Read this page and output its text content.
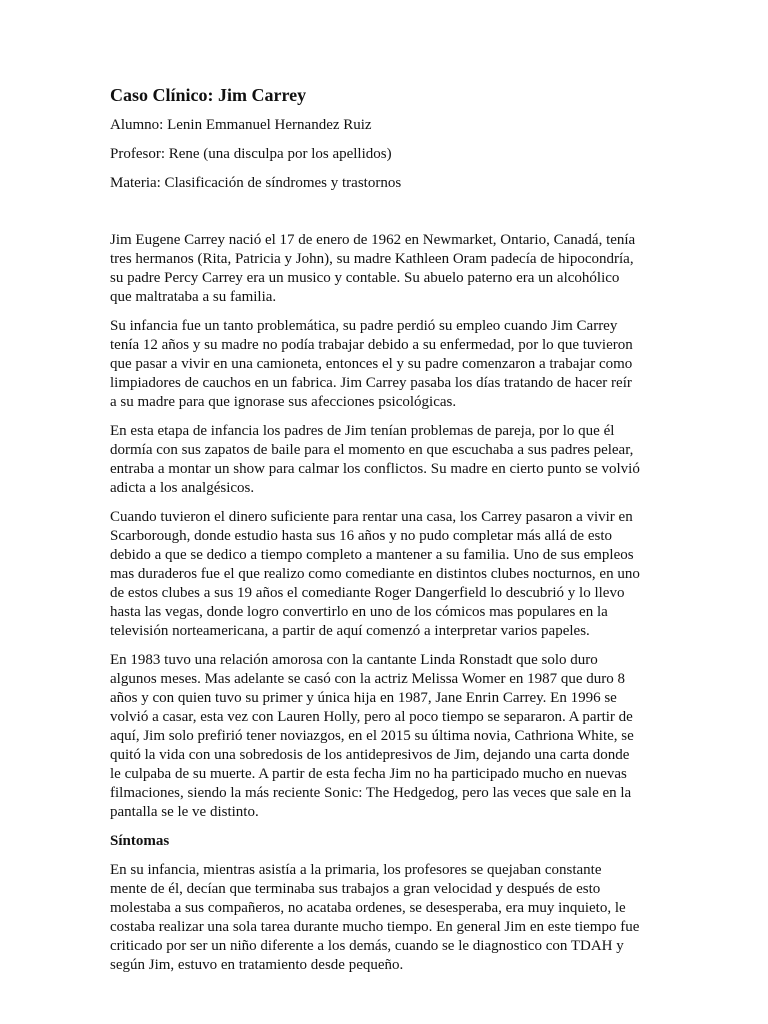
Caso Clínico: Jim Carrey
Alumno: Lenin Emmanuel Hernandez Ruiz
Profesor: Rene (una disculpa por los apellidos)
Materia: Clasificación de síndromes y trastornos
Jim Eugene Carrey nació el 17 de enero de 1962 en Newmarket, Ontario, Canadá, tenía
tres hermanos (Rita, Patricia y John), su madre Kathleen Oram padecía de hipocondría,
su padre Percy Carrey era un musico y contable. Su abuelo paterno era un alcohólico
que maltrataba a su familia.
Su infancia fue un tanto problemática, su padre perdió su empleo cuando Jim Carrey
tenía 12 años y su madre no podía trabajar debido a su enfermedad, por lo que tuvieron
que pasar a vivir en una camioneta, entonces el y su padre comenzaron a trabajar como
limpiadores de cauchos en un fabrica. Jim Carrey pasaba los días tratando de hacer reír
a su madre para que ignorase sus afecciones psicológicas.
En esta etapa de infancia los padres de Jim tenían problemas de pareja, por lo que él
dormía con sus zapatos de baile para el momento en que escuchaba a sus padres pelear,
entraba a montar un show para calmar los conflictos. Su madre en cierto punto se volvió
adicta a los analgésicos.
Cuando tuvieron el dinero suficiente para rentar una casa, los Carrey pasaron a vivir en
Scarborough, donde estudio hasta sus 16 años y no pudo completar más allá de esto
debido a que se dedico a tiempo completo a mantener a su familia. Uno de sus empleos
mas duraderos fue el que realizo como comediante en distintos clubes nocturnos, en uno
de estos clubes a sus 19 años el comediante Roger Dangerfield lo descubrió y lo llevo
hasta las vegas, donde logro convertirlo en uno de los cómicos mas populares en la
televisión norteamericana, a partir de aquí comenzó a interpretar varios papeles.
En 1983 tuvo una relación amorosa con la cantante Linda Ronstadt que solo duro
algunos meses. Mas adelante se casó con la actriz Melissa Womer en 1987 que duro 8
años y con quien tuvo su primer y única hija en 1987, Jane Enrin Carrey. En 1996 se
volvió a casar, esta vez con Lauren Holly, pero al poco tiempo se separaron. A partir de
aquí, Jim solo prefirió tener noviazgos, en el 2015 su última novia, Cathriona White, se
quitó la vida con una sobredosis de los antidepresivos de Jim, dejando una carta donde
le culpaba de su muerte. A partir de esta fecha Jim no ha participado mucho en nuevas
filmaciones, siendo la más reciente Sonic: The Hedgedog, pero las veces que sale en la
pantalla se le ve distinto.
Síntomas
En su infancia, mientras asistía a la primaria, los profesores se quejaban constante
mente de él, decían que terminaba sus trabajos a gran velocidad y después de esto
molestaba a sus compañeros, no acataba ordenes, se desesperaba, era muy inquieto, le
costaba realizar una sola tarea durante mucho tiempo. En general Jim en este tiempo fue
criticado por ser un niño diferente a los demás, cuando se le diagnostico con TDAH y
según Jim, estuvo en tratamiento desde pequeño.
